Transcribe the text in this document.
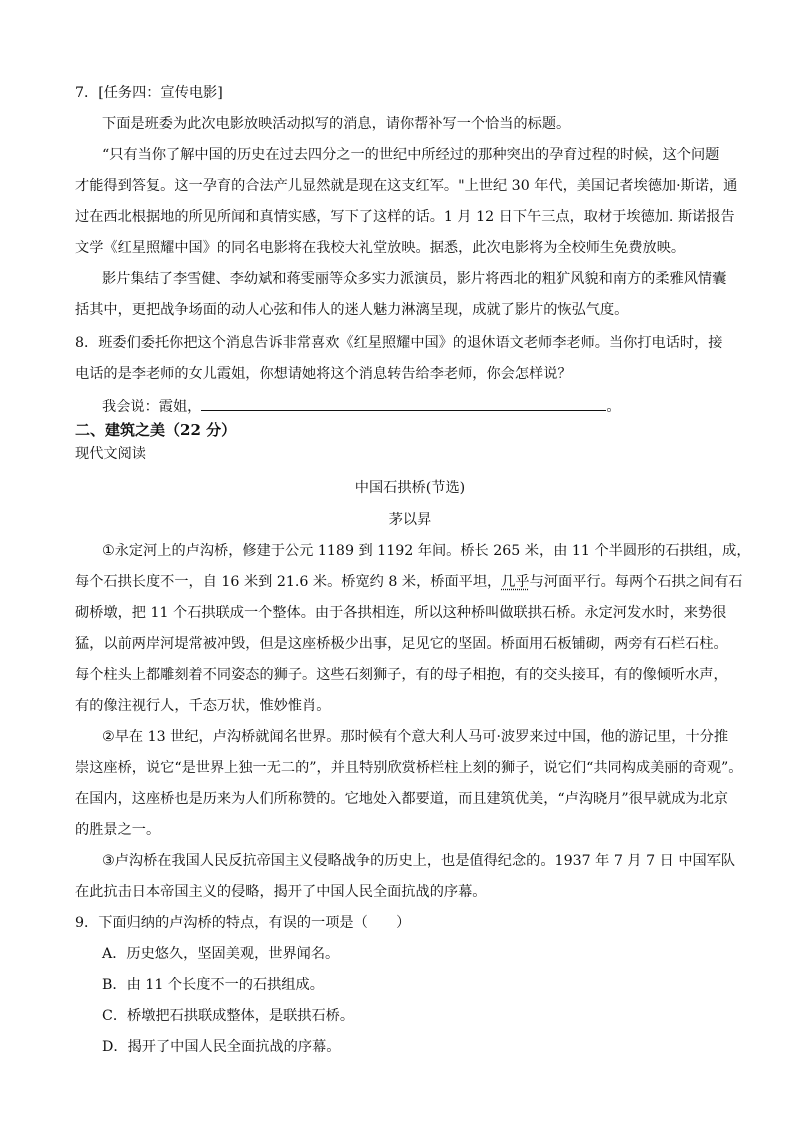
7．[任务四：宣传电影]
下面是班委为此次电影放映活动拟写的消息，请你帮补写一个恰当的标题。
“只有当你了解中国的历史在过去四分之一的世纪中所经过的那种突出的孕育过程的时候，这个问题
才能得到答复。这一孕育的合法产儿显然就是现在这支红军。"上世纪 30 年代，美国记者埃德加·斯诺，通
过在西北根据地的所见所闻和真情实感，写下了这样的话。1 月 12 日下午三点，取材于埃德加. 斯诺报告
文学《红星照耀中国》的同名电影将在我校大礼堂放映。据悉，此次电影将为全校师生免费放映。
影片集结了李雪健、李幼斌和蒋雯丽等众多实力派演员，影片将西北的粗犷风貌和南方的柔雅风情囊
括其中，更把战争场面的动人心弦和伟人的迷人魅力淋漓呈现，成就了影片的恢弘气度。
8．班委们委托你把这个消息告诉非常喜欢《红星照耀中国》的退休语文老师李老师。当你打电话时，接
电话的是李老师的女儿霞姐，你想请她将这个消息转告给李老师，你会怎样说？
我会说：霞姐，	。
二、建筑之美（22 分）
现代文阅读
中国石拱桥(节选)
茅以昇
①永定河上的卢沟桥，修建于公元 1189 到 1192 年间。桥长 265 米，由 11 个半圆形的石拱组，成，
每个石拱长度不一，自 16 米到 21.6 米。桥宽约 8 米，桥面平坦，几乎与河面平行。每两个石拱之间有石
砌桥墩，把 11 个石拱联成一个整体。由于各拱相连，所以这种桥叫做联拱石桥。永定河发水时，来势很
猛，以前两岸河堤常被冲毁，但是这座桥极少出事，足见它的坚固。桥面用石板铺砌，两旁有石栏石柱。
每个柱头上都雕刻着不同姿态的狮子。这些石刻狮子，有的母子相抱，有的交头接耳，有的像倾听水声，
有的像注视行人，千态万状，惟妙惟肖。
②早在 13 世纪，卢沟桥就闻名世界。那时候有个意大利人马可·波罗来过中国，他的游记里，十分推
崇这座桥，说它“是世界上独一无二的”，并且特别欣赏桥栏柱上刻的狮子，说它们“共同构成美丽的奇观”。
在国内，这座桥也是历来为人们所称赞的。它地处入都要道，而且建筑优美，“卢沟晓月”很早就成为北京
的胜景之一。
③卢沟桥在我国人民反抗帝国主义侵略战争的历史上，也是值得纪念的。1937 年 7 月 7 日 中国军队
在此抗击日本帝国主义的侵略，揭开了中国人民全面抗战的序幕。
9．下面归纳的卢沟桥的特点，有误的一项是（　　）
A．历史悠久，坚固美观，世界闻名。
B．由 11 个长度不一的石拱组成。
C．桥墩把石拱联成整体，是联拱石桥。
D．揭开了中国人民全面抗战的序幕。
